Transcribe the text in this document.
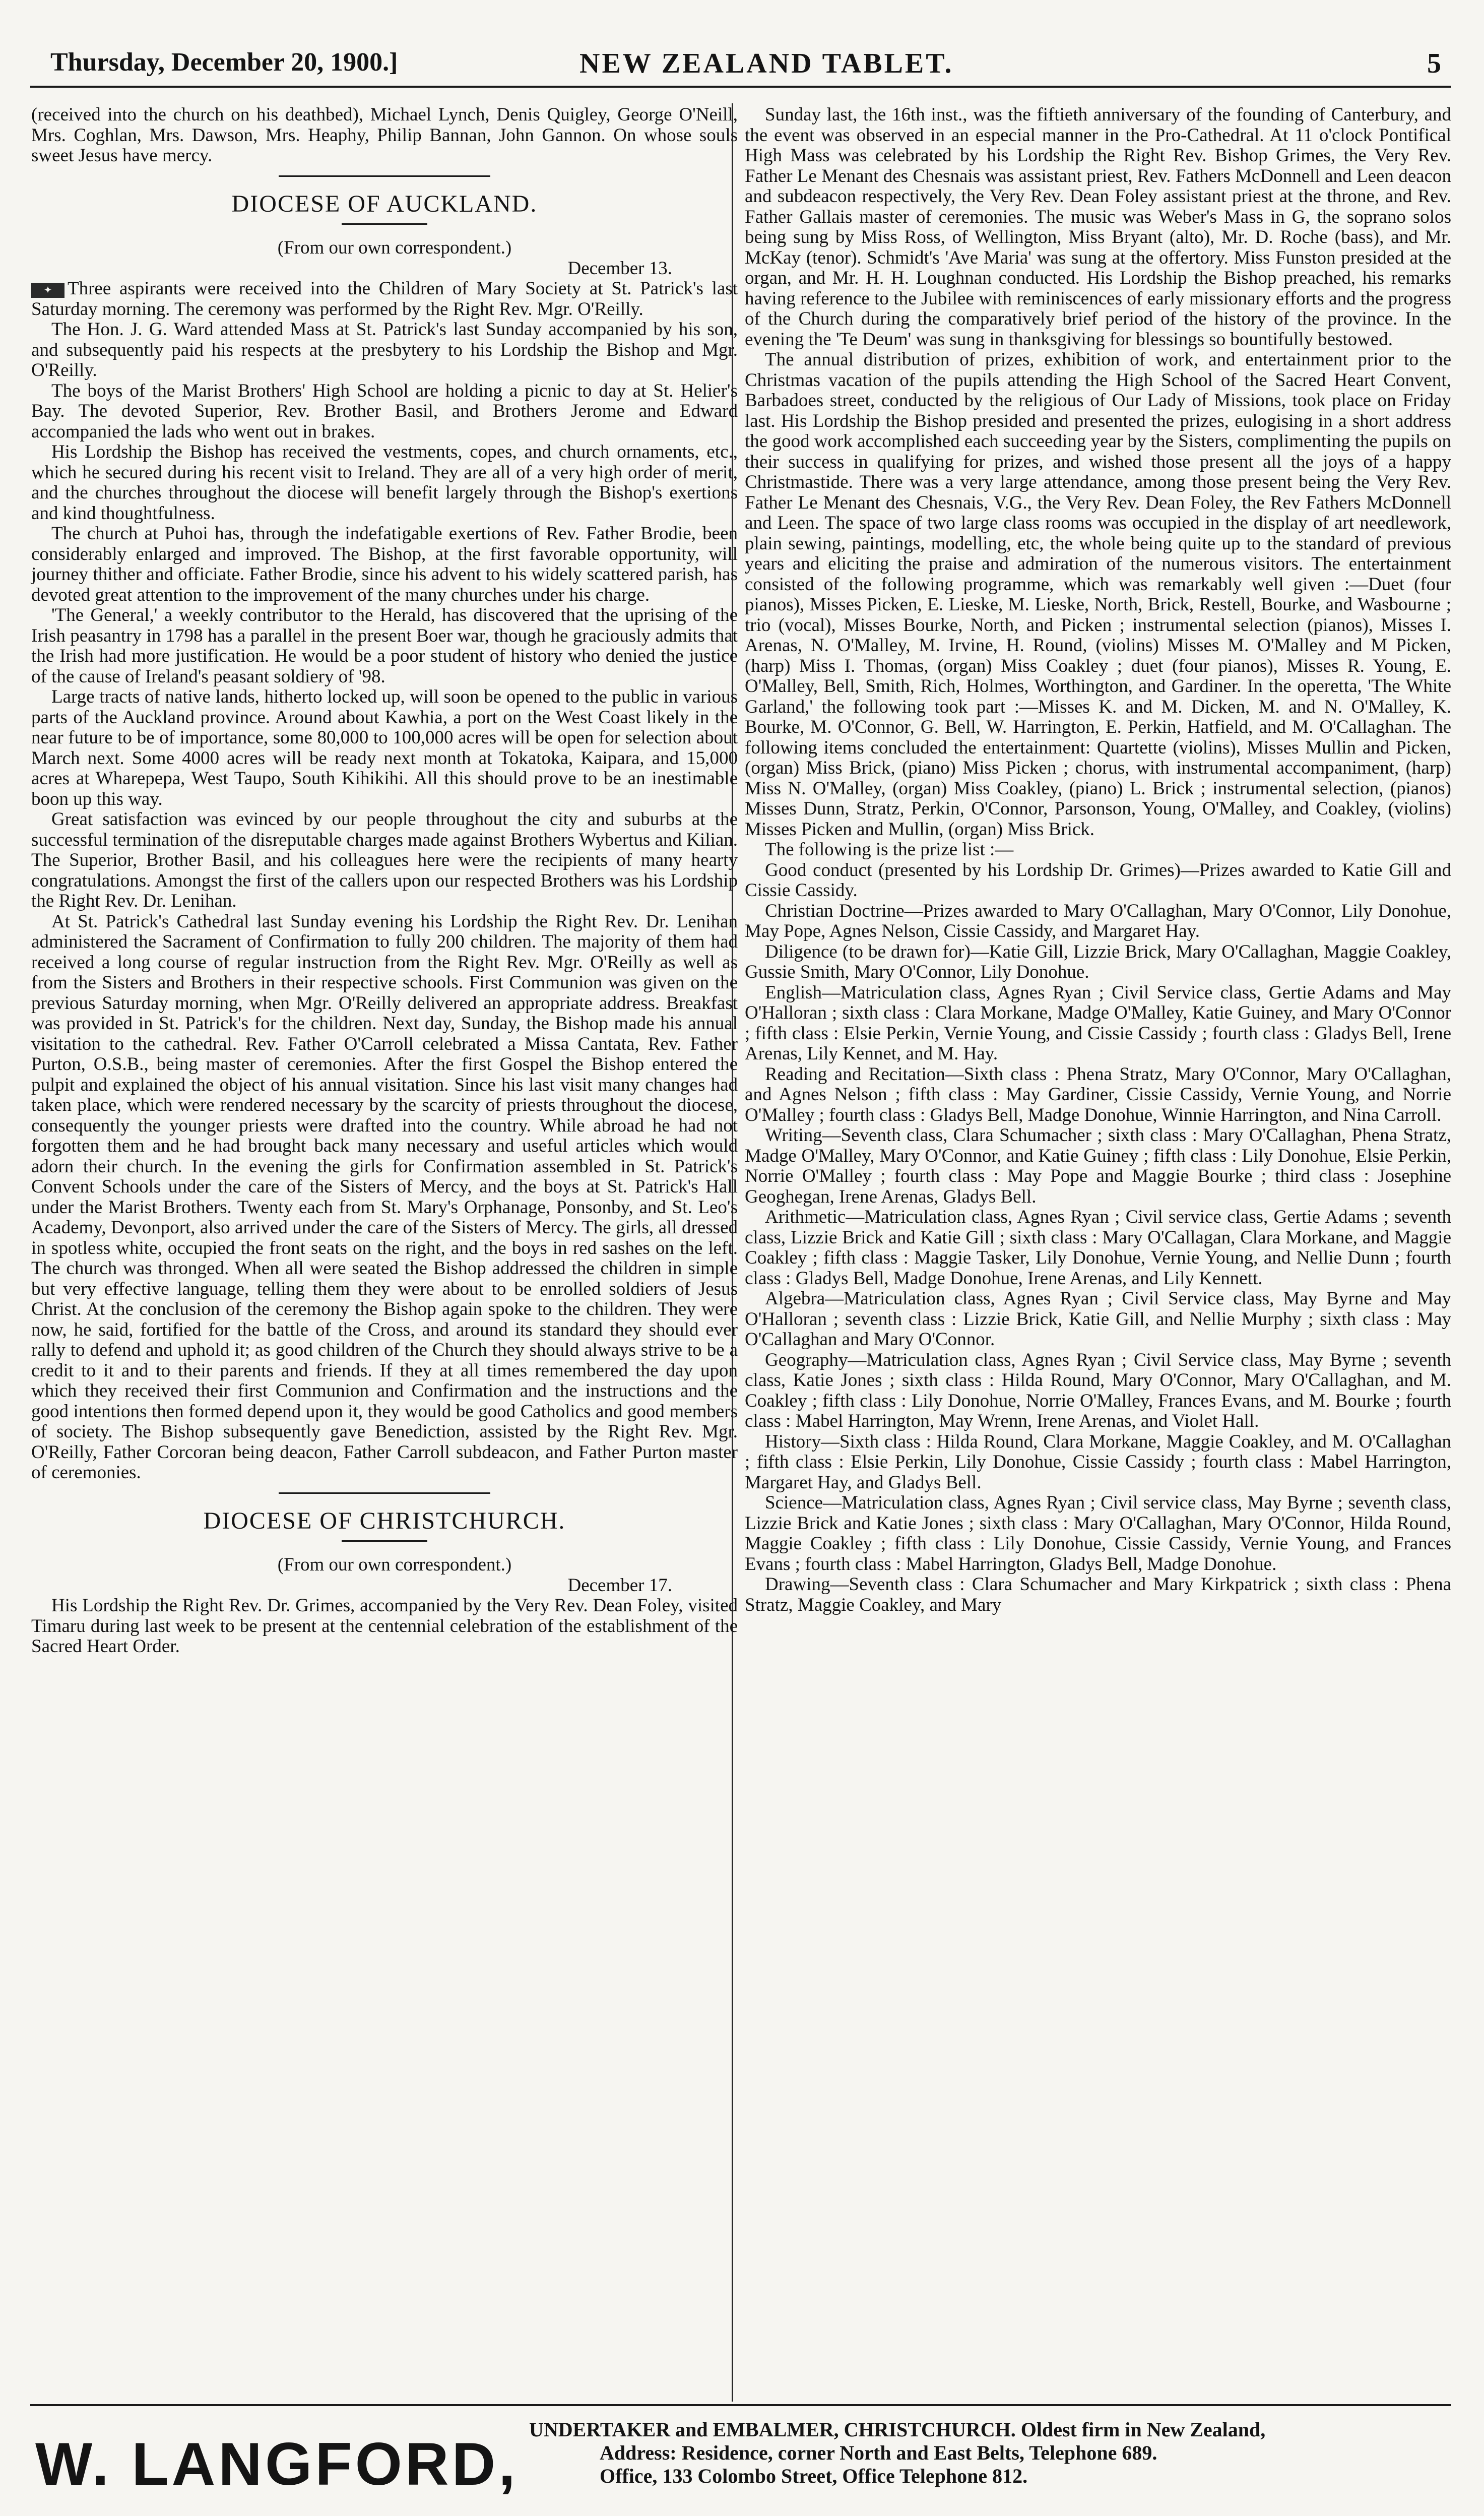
Thursday, December 20, 1900.]	NEW ZEALAND TABLET.	5

(received into the church on his deathbed), Michael Lynch, Denis Quigley, George O'Neill, Mrs. Coghlan, Mrs. Dawson, Mrs. Heaphy, Philip Bannan, John Gannon. On whose souls sweet Jesus have mercy.

DIOCESE OF AUCKLAND.

(From our own correspondent.)

December 13.

✦ Three aspirants were received into the Children of Mary Society at St. Patrick's last Saturday morning. The ceremony was performed by the Right Rev. Mgr. O'Reilly.

The Hon. J. G. Ward attended Mass at St. Patrick's last Sunday accompanied by his son, and subsequently paid his respects at the presbytery to his Lordship the Bishop and Mgr. O'Reilly.

The boys of the Marist Brothers' High School are holding a picnic to day at St. Helier's Bay. The devoted Superior, Rev. Brother Basil, and Brothers Jerome and Edward accompanied the lads who went out in brakes.

His Lordship the Bishop has received the vestments, copes, and church ornaments, etc., which he secured during his recent visit to Ireland. They are all of a very high order of merit, and the churches throughout the diocese will benefit largely through the Bishop's exertions and kind thoughtfulness.

The church at Puhoi has, through the indefatigable exertions of Rev. Father Brodie, been considerably enlarged and improved. The Bishop, at the first favorable opportunity, will journey thither and officiate. Father Brodie, since his advent to his widely scattered parish, has devoted great attention to the improvement of the many churches under his charge.

'The General,' a weekly contributor to the Herald, has discovered that the uprising of the Irish peasantry in 1798 has a parallel in the present Boer war, though he graciously admits that the Irish had more justification. He would be a poor student of history who denied the justice of the cause of Ireland's peasant soldiery of '98.

Large tracts of native lands, hitherto locked up, will soon be opened to the public in various parts of the Auckland province. Around about Kawhia, a port on the West Coast likely in the near future to be of importance, some 80,000 to 100,000 acres will be open for selection about March next. Some 4000 acres will be ready next month at Tokatoka, Kaipara, and 15,000 acres at Wharepepa, West Taupo, South Kihikihi. All this should prove to be an inestimable boon up this way.

Great satisfaction was evinced by our people throughout the city and suburbs at the successful termination of the disreputable charges made against Brothers Wybertus and Kilian. The Superior, Brother Basil, and his colleagues here were the recipients of many hearty congratulations. Amongst the first of the callers upon our respected Brothers was his Lordship the Right Rev. Dr. Lenihan.

At St. Patrick's Cathedral last Sunday evening his Lordship the Right Rev. Dr. Lenihan administered the Sacrament of Confirmation to fully 200 children. The majority of them had received a long course of regular instruction from the Right Rev. Mgr. O'Reilly as well as from the Sisters and Brothers in their respective schools. First Communion was given on the previous Saturday morning, when Mgr. O'Reilly delivered an appropriate address. Breakfast was provided in St. Patrick's for the children. Next day, Sunday, the Bishop made his annual visitation to the cathedral. Rev. Father O'Carroll celebrated a Missa Cantata, Rev. Father Purton, O.S.B., being master of ceremonies. After the first Gospel the Bishop entered the pulpit and explained the object of his annual visitation. Since his last visit many changes had taken place, which were rendered necessary by the scarcity of priests throughout the diocese, consequently the younger priests were drafted into the country. While abroad he had not forgotten them and he had brought back many necessary and useful articles which would adorn their church. In the evening the girls for Confirmation assembled in St. Patrick's Convent Schools under the care of the Sisters of Mercy, and the boys at St. Patrick's Hall under the Marist Brothers. Twenty each from St. Mary's Orphanage, Ponsonby, and St. Leo's Academy, Devonport, also arrived under the care of the Sisters of Mercy. The girls, all dressed in spotless white, occupied the front seats on the right, and the boys in red sashes on the left. The church was thronged. When all were seated the Bishop addressed the children in simple but very effective language, telling them they were about to be enrolled soldiers of Jesus Christ. At the conclusion of the ceremony the Bishop again spoke to the children. They were now, he said, fortified for the battle of the Cross, and around its standard they should ever rally to defend and uphold it; as good children of the Church they should always strive to be a credit to it and to their parents and friends. If they at all times remembered the day upon which they received their first Communion and Confirmation and the instructions and the good intentions then formed depend upon it, they would be good Catholics and good members of society. The Bishop subsequently gave Benediction, assisted by the Right Rev. Mgr. O'Reilly, Father Corcoran being deacon, Father Carroll subdeacon, and Father Purton master of ceremonies.

DIOCESE OF CHRISTCHURCH.

(From our own correspondent.)

December 17.

His Lordship the Right Rev. Dr. Grimes, accompanied by the Very Rev. Dean Foley, visited Timaru during last week to be present at the centennial celebration of the establishment of the Sacred Heart Order.

Sunday last, the 16th inst., was the fiftieth anniversary of the founding of Canterbury, and the event was observed in an especial manner in the Pro-Cathedral. At 11 o'clock Pontifical High Mass was celebrated by his Lordship the Right Rev. Bishop Grimes, the Very Rev. Father Le Menant des Chesnais was assistant priest, Rev. Fathers McDonnell and Leen deacon and subdeacon respectively, the Very Rev. Dean Foley assistant priest at the throne, and Rev. Father Gallais master of ceremonies. The music was Weber's Mass in G, the soprano solos being sung by Miss Ross, of Wellington, Miss Bryant (alto), Mr. D. Roche (bass), and Mr. McKay (tenor). Schmidt's 'Ave Maria' was sung at the offertory. Miss Funston presided at the organ, and Mr. H. H. Loughnan conducted. His Lordship the Bishop preached, his remarks having reference to the Jubilee with reminiscences of early missionary efforts and the progress of the Church during the comparatively brief period of the history of the province. In the evening the 'Te Deum' was sung in thanksgiving for blessings so bountifully bestowed.

The annual distribution of prizes, exhibition of work, and entertainment prior to the Christmas vacation of the pupils attending the High School of the Sacred Heart Convent, Barbadoes street, conducted by the religious of Our Lady of Missions, took place on Friday last. His Lordship the Bishop presided and presented the prizes, eulogising in a short address the good work accomplished each succeeding year by the Sisters, complimenting the pupils on their success in qualifying for prizes, and wished those present all the joys of a happy Christmastide. There was a very large attendance, among those present being the Very Rev. Father Le Menant des Chesnais, V.G., the Very Rev. Dean Foley, the Rev Fathers McDonnell and Leen. The space of two large class rooms was occupied in the display of art needlework, plain sewing, paintings, modelling, etc, the whole being quite up to the standard of previous years and eliciting the praise and admiration of the numerous visitors. The entertainment consisted of the following programme, which was remarkably well given :—Duet (four pianos), Misses Picken, E. Lieske, M. Lieske, North, Brick, Restell, Bourke, and Wasbourne ; trio (vocal), Misses Bourke, North, and Picken ; instrumental selection (pianos), Misses I. Arenas, N. O'Malley, M. Irvine, H. Round, (violins) Misses M. O'Malley and M Picken, (harp) Miss I. Thomas, (organ) Miss Coakley ; duet (four pianos), Misses R. Young, E. O'Malley, Bell, Smith, Rich, Holmes, Worthington, and Gardiner. In the operetta, 'The White Garland,' the following took part :—Misses K. and M. Dicken, M. and N. O'Malley, K. Bourke, M. O'Connor, G. Bell, W. Harrington, E. Perkin, Hatfield, and M. O'Callaghan. The following items concluded the entertainment: Quartette (violins), Misses Mullin and Picken, (organ) Miss Brick, (piano) Miss Picken ; chorus, with instrumental accompaniment, (harp) Miss N. O'Malley, (organ) Miss Coakley, (piano) L. Brick ; instrumental selection, (pianos) Misses Dunn, Stratz, Perkin, O'Connor, Parsonson, Young, O'Malley, and Coakley, (violins) Misses Picken and Mullin, (organ) Miss Brick.

The following is the prize list :—

Good conduct (presented by his Lordship Dr. Grimes)—Prizes awarded to Katie Gill and Cissie Cassidy.

Christian Doctrine—Prizes awarded to Mary O'Callaghan, Mary O'Connor, Lily Donohue, May Pope, Agnes Nelson, Cissie Cassidy, and Margaret Hay.

Diligence (to be drawn for)—Katie Gill, Lizzie Brick, Mary O'Callaghan, Maggie Coakley, Gussie Smith, Mary O'Connor, Lily Donohue.

English—Matriculation class, Agnes Ryan ; Civil Service class, Gertie Adams and May O'Halloran ; sixth class : Clara Morkane, Madge O'Malley, Katie Guiney, and Mary O'Connor ; fifth class : Elsie Perkin, Vernie Young, and Cissie Cassidy ; fourth class : Gladys Bell, Irene Arenas, Lily Kennet, and M. Hay.

Reading and Recitation—Sixth class : Phena Stratz, Mary O'Connor, Mary O'Callaghan, and Agnes Nelson ; fifth class : May Gardiner, Cissie Cassidy, Vernie Young, and Norrie O'Malley ; fourth class : Gladys Bell, Madge Donohue, Winnie Harrington, and Nina Carroll.

Writing—Seventh class, Clara Schumacher ; sixth class : Mary O'Callaghan, Phena Stratz, Madge O'Malley, Mary O'Connor, and Katie Guiney ; fifth class : Lily Donohue, Elsie Perkin, Norrie O'Malley ; fourth class : May Pope and Maggie Bourke ; third class : Josephine Geoghegan, Irene Arenas, Gladys Bell.

Arithmetic—Matriculation class, Agnes Ryan ; Civil service class, Gertie Adams ; seventh class, Lizzie Brick and Katie Gill ; sixth class : Mary O'Callagan, Clara Morkane, and Maggie Coakley ; fifth class : Maggie Tasker, Lily Donohue, Vernie Young, and Nellie Dunn ; fourth class : Gladys Bell, Madge Donohue, Irene Arenas, and Lily Kennett.

Algebra—Matriculation class, Agnes Ryan ; Civil Service class, May Byrne and May O'Halloran ; seventh class : Lizzie Brick, Katie Gill, and Nellie Murphy ; sixth class : May O'Callaghan and Mary O'Connor.

Geography—Matriculation class, Agnes Ryan ; Civil Service class, May Byrne ; seventh class, Katie Jones ; sixth class : Hilda Round, Mary O'Connor, Mary O'Callaghan, and M. Coakley ; fifth class : Lily Donohue, Norrie O'Malley, Frances Evans, and M. Bourke ; fourth class : Mabel Harrington, May Wrenn, Irene Arenas, and Violet Hall.

History—Sixth class : Hilda Round, Clara Morkane, Maggie Coakley, and M. O'Callaghan ; fifth class : Elsie Perkin, Lily Donohue, Cissie Cassidy ; fourth class : Mabel Harrington, Margaret Hay, and Gladys Bell.

Science—Matriculation class, Agnes Ryan ; Civil service class, May Byrne ; seventh class, Lizzie Brick and Katie Jones ; sixth class : Mary O'Callaghan, Mary O'Connor, Hilda Round, Maggie Coakley ; fifth class : Lily Donohue, Cissie Cassidy, Vernie Young, and Frances Evans ; fourth class : Mabel Harrington, Gladys Bell, Madge Donohue.

Drawing—Seventh class : Clara Schumacher and Mary Kirkpatrick ; sixth class : Phena Stratz, Maggie Coakley, and Mary

W. LANGFORD,
UNDERTAKER and EMBALMER, CHRISTCHURCH. Oldest firm in New Zealand,
Address: Residence, corner North and East Belts, Telephone 689.
Office, 133 Colombo Street, Office Telephone 812.
